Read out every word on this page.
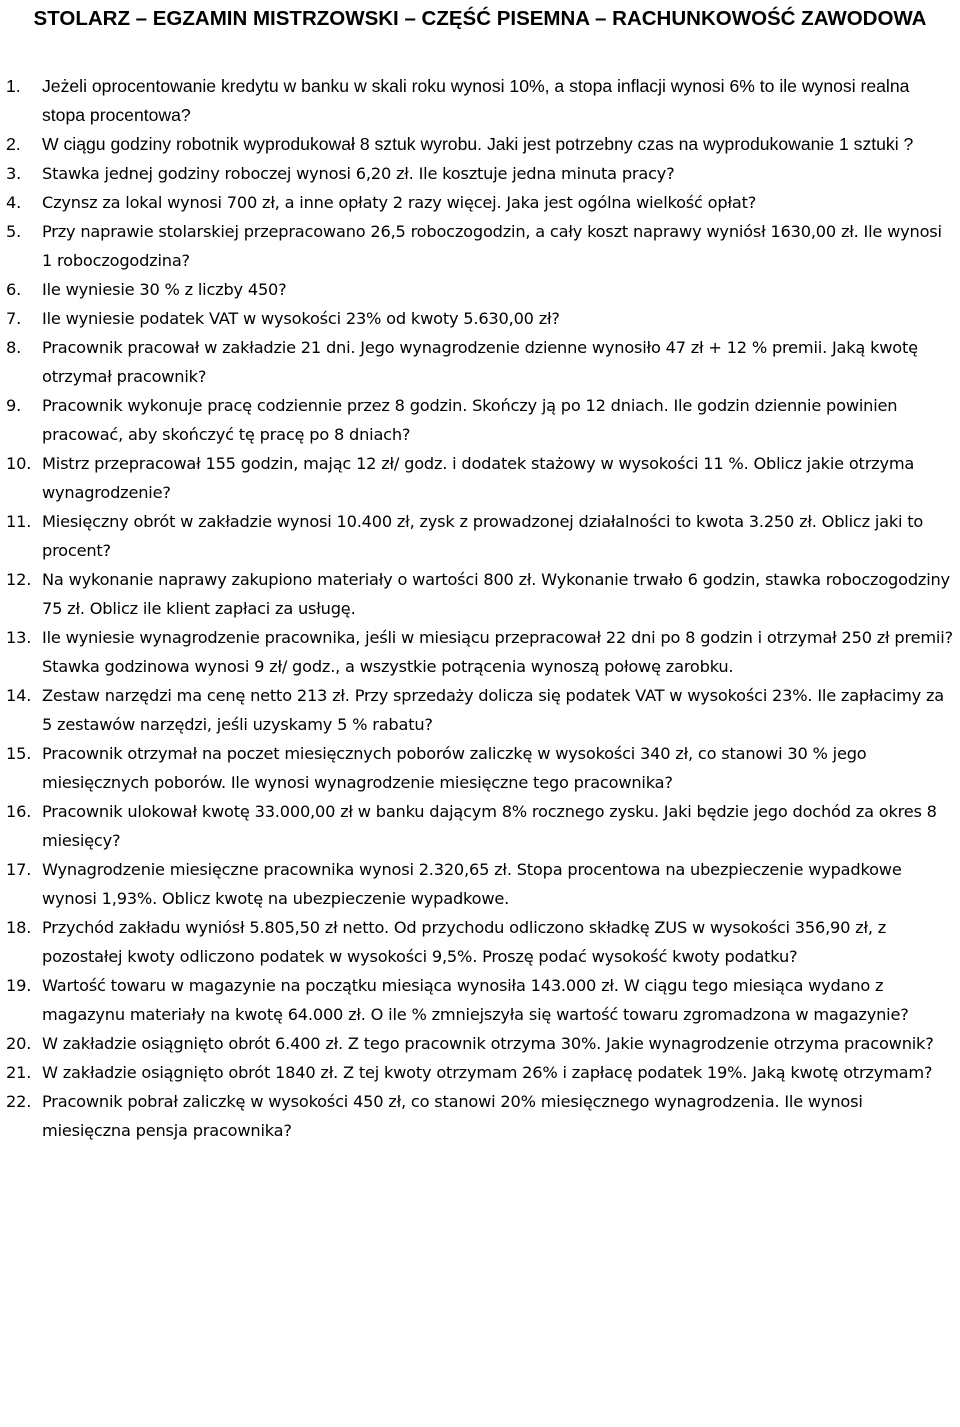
STOLARZ – EGZAMIN MISTRZOWSKI – CZĘŚĆ PISEMNA – RACHUNKOWOŚĆ ZAWODOWA
1.	Jeżeli oprocentowanie kredytu w banku w skali roku wynosi 10%, a stopa inflacji wynosi 6% to ile wynosi realna stopa procentowa?
2.	W ciągu godziny robotnik wyprodukował 8 sztuk wyrobu. Jaki jest potrzebny czas na wyprodukowanie 1 sztuki ?
3.	Stawka jednej godziny roboczej wynosi 6,20 zł. Ile kosztuje jedna minuta pracy?
4.	Czynsz za lokal wynosi 700 zł, a inne opłaty 2 razy więcej. Jaka jest ogólna wielkość opłat?
5.	Przy naprawie stolarskiej przepracowano 26,5 roboczogodzin, a cały koszt naprawy wyniósł 1630,00 zł. Ile wynosi 1 roboczogodzina?
6.	Ile wyniesie 30 % z liczby 450?
7.	Ile wyniesie podatek VAT w wysokości 23% od kwoty 5.630,00 zł?
8.	Pracownik pracował w zakładzie 21 dni. Jego wynagrodzenie dzienne wynosiło 47 zł + 12 % premii. Jaką kwotę otrzymał pracownik?
9.	Pracownik wykonuje pracę codziennie przez 8 godzin. Skończy ją po 12 dniach. Ile godzin dziennie powinien pracować, aby skończyć tę pracę po 8 dniach?
10. Mistrz przepracował 155 godzin, mając 12 zł/ godz. i dodatek stażowy w wysokości 11 %. Oblicz jakie otrzyma wynagrodzenie?
11. Miesięczny obrót w zakładzie wynosi 10.400 zł, zysk z prowadzonej działalności to kwota 3.250 zł. Oblicz jaki to procent?
12. Na wykonanie naprawy zakupiono materiały o wartości 800 zł. Wykonanie trwało 6 godzin, stawka roboczogodziny 75 zł. Oblicz ile klient zapłaci za usługę.
13. Ile wyniesie wynagrodzenie pracownika, jeśli w miesiącu przepracował 22 dni po 8 godzin i otrzymał 250 zł premii? Stawka godzinowa wynosi 9 zł/ godz., a wszystkie potrącenia wynoszą połowę zarobku.
14. Zestaw narzędzi ma cenę netto 213 zł. Przy sprzedaży dolicza się podatek VAT w wysokości 23%. Ile zapłacimy za 5 zestawów narzędzi, jeśli uzyskamy 5 % rabatu?
15. Pracownik otrzymał na poczet miesięcznych poborów zaliczkę w wysokości 340 zł, co stanowi 30 % jego miesięcznych poborów. Ile wynosi wynagrodzenie miesięczne tego pracownika?
16. Pracownik ulokował kwotę 33.000,00 zł w banku dającym 8% rocznego zysku. Jaki będzie jego dochód za okres 8 miesięcy?
17. Wynagrodzenie miesięczne pracownika wynosi 2.320,65 zł. Stopa procentowa na ubezpieczenie wypadkowe wynosi 1,93%. Oblicz kwotę na ubezpieczenie wypadkowe.
18. Przychód zakładu wyniósł 5.805,50 zł netto. Od przychodu odliczono składkę ZUS w wysokości 356,90 zł, z pozostałej kwoty odliczono podatek w wysokości 9,5%. Proszę podać wysokość kwoty podatku?
19. Wartość towaru w magazynie na początku miesiąca wynosiła 143.000 zł. W ciągu tego miesiąca wydano z magazynu materiały na kwotę 64.000 zł. O ile % zmniejszyła się wartość towaru zgromadzona w magazynie?
20. W zakładzie osiągnięto obrót 6.400 zł. Z tego pracownik otrzyma 30%. Jakie wynagrodzenie otrzyma pracownik?
21. W zakładzie osiągnięto obrót 1840 zł. Z tej kwoty otrzymam 26% i zapłacę podatek 19%. Jaką kwotę otrzymam?
22. Pracownik pobrał zaliczkę w wysokości 450 zł, co stanowi 20% miesięcznego wynagrodzenia. Ile wynosi miesięczna pensja pracownika?
